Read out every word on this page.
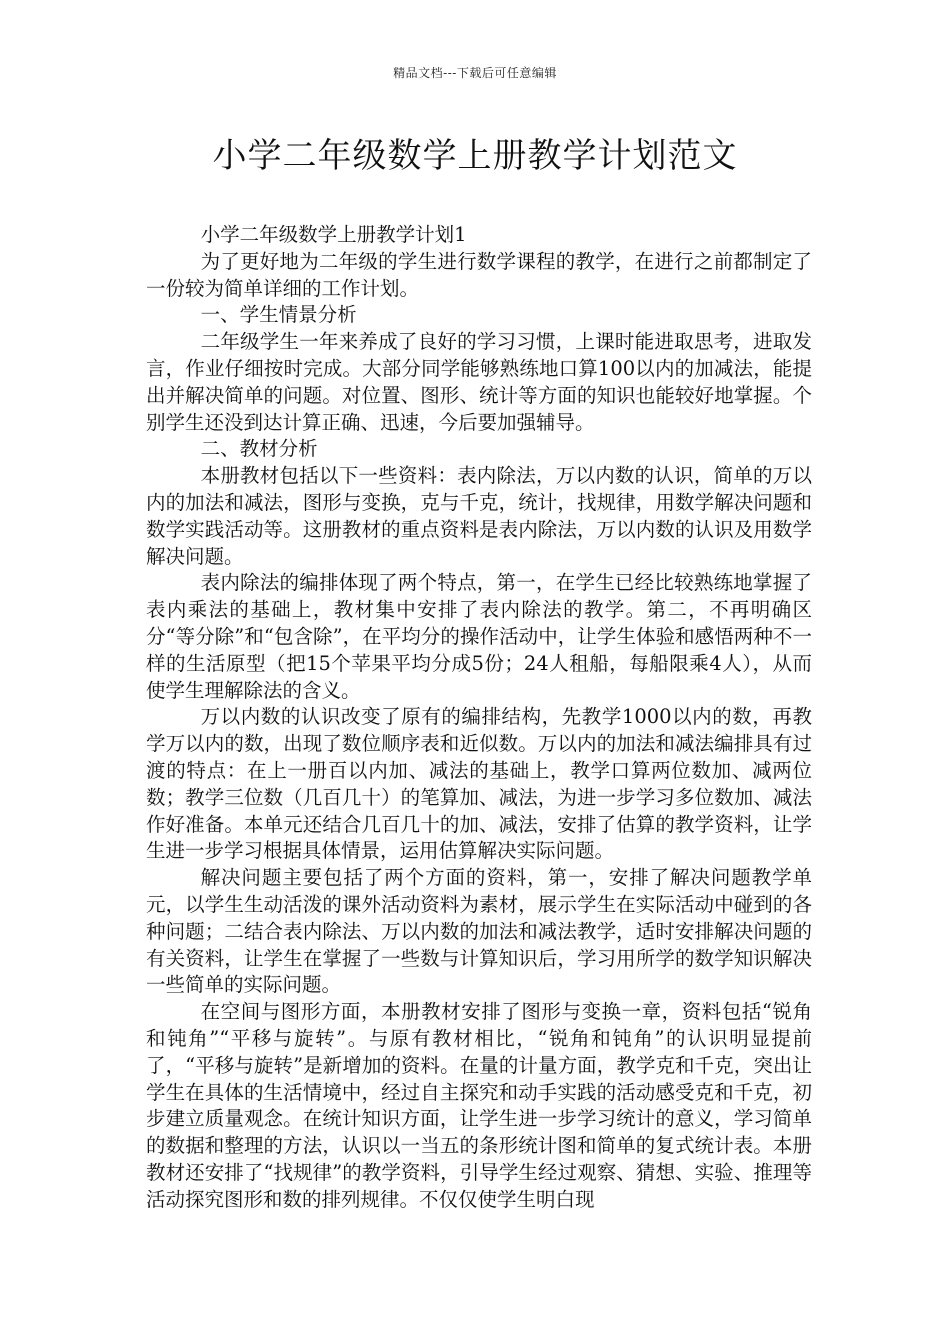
精品文档---下载后可任意编辑
小学二年级数学上册教学计划范文

小学二年级数学上册教学计划1

为了更好地为二年级的学生进行数学课程的教学，在进行之前都制定了一份较为简单详细的工作计划。

一、学生情景分析

二年级学生一年来养成了良好的学习习惯，上课时能进取思考，进取发言，作业仔细按时完成。大部分同学能够熟练地口算100以内的加减法，能提出并解决简单的问题。对位置、图形、统计等方面的知识也能较好地掌握。个别学生还没到达计算正确、迅速，今后要加强辅导。

二、教材分析

本册教材包括以下一些资料：表内除法，万以内数的认识，简单的万以内的加法和减法，图形与变换，克与千克，统计，找规律，用数学解决问题和数学实践活动等。这册教材的重点资料是表内除法，万以内数的认识及用数学解决问题。

表内除法的编排体现了两个特点，第一，在学生已经比较熟练地掌握了表内乘法的基础上，教材集中安排了表内除法的教学。第二，不再明确区分“等分除”和“包含除”，在平均分的操作活动中，让学生体验和感悟两种不一样的生活原型（把15个苹果平均分成5份；24人租船，每船限乘4人），从而使学生理解除法的含义。

万以内数的认识改变了原有的编排结构，先教学1000以内的数，再教学万以内的数，出现了数位顺序表和近似数。万以内的加法和减法编排具有过渡的特点：在上一册百以内加、减法的基础上，教学口算两位数加、减两位数；教学三位数（几百几十）的笔算加、减法，为进一步学习多位数加、减法作好准备。本单元还结合几百几十的加、减法，安排了估算的教学资料，让学生进一步学习根据具体情景，运用估算解决实际问题。

解决问题主要包括了两个方面的资料，第一，安排了解决问题教学单元，以学生生动活泼的课外活动资料为素材，展示学生在实际活动中碰到的各种问题；二结合表内除法、万以内数的加法和减法教学，适时安排解决问题的有关资料，让学生在掌握了一些数与计算知识后，学习用所学的数学知识解决一些简单的实际问题。

在空间与图形方面，本册教材安排了图形与变换一章，资料包括“锐角和钝角”“平移与旋转”。与原有教材相比，“锐角和钝角”的认识明显提前了，“平移与旋转”是新增加的资料。在量的计量方面，教学克和千克，突出让学生在具体的生活情境中，经过自主探究和动手实践的活动感受克和千克，初步建立质量观念。在统计知识方面，让学生进一步学习统计的意义，学习简单的数据和整理的方法，认识以一当五的条形统计图和简单的复式统计表。本册教材还安排了“找规律”的教学资料，引导学生经过观察、猜想、实验、推理等活动探究图形和数的排列规律。不仅仅使学生明白现
